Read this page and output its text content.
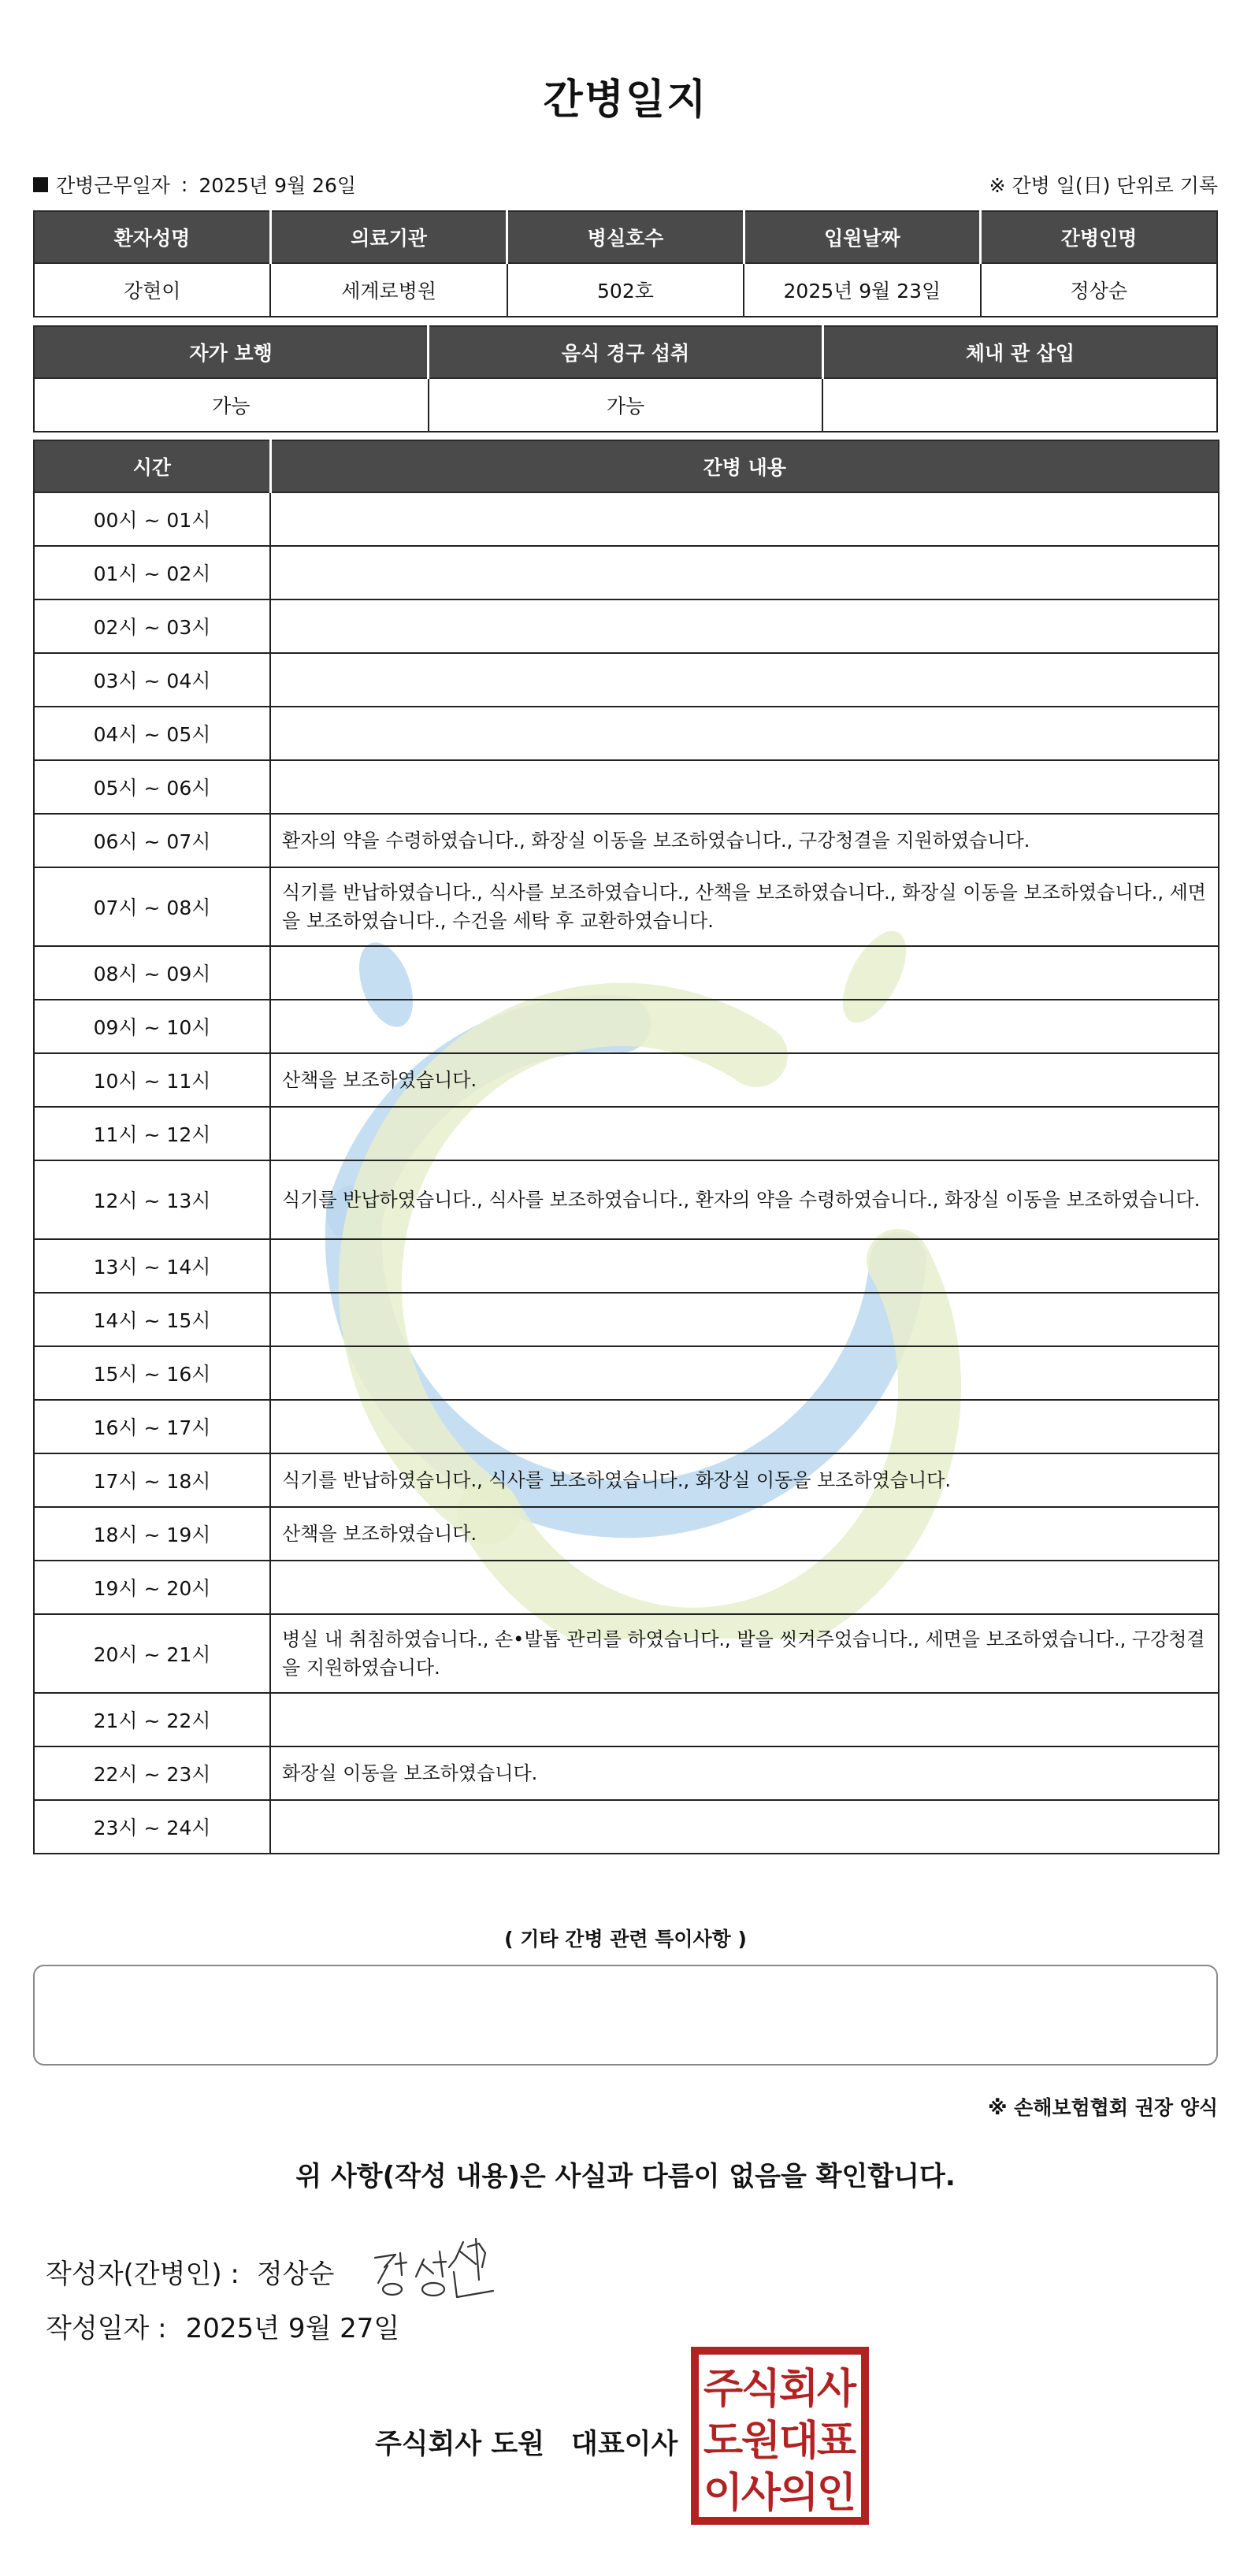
간병일지
간병근무일자 : 2025년 9월 26일	※ 간병 일(日) 단위로 기록
환자성명	의료기관	병실호수	입원날짜	간병인명
강현이	세계로병원	502호	2025년 9월 23일	정상순
자가 보행	음식 경구 섭취	체내 관 삽입
가능	가능	
시간	간병 내용
00시 ~ 01시	
01시 ~ 02시	
02시 ~ 03시	
03시 ~ 04시	
04시 ~ 05시	
05시 ~ 06시	
06시 ~ 07시	환자의 약을 수령하였습니다., 화장실 이동을 보조하였습니다., 구강청결을 지원하였습니다.
07시 ~ 08시	식기를 반납하였습니다., 식사를 보조하였습니다., 산책을 보조하였습니다., 화장실 이동을 보조하였습니다., 세면을 보조하였습니다., 수건을 세탁 후 교환하였습니다.
08시 ~ 09시	
09시 ~ 10시	
10시 ~ 11시	산책을 보조하였습니다.
11시 ~ 12시	
12시 ~ 13시	식기를 반납하였습니다., 식사를 보조하였습니다., 환자의 약을 수령하였습니다., 화장실 이동을 보조하였습니다.
13시 ~ 14시	
14시 ~ 15시	
15시 ~ 16시	
16시 ~ 17시	
17시 ~ 18시	식기를 반납하였습니다., 식사를 보조하였습니다., 화장실 이동을 보조하였습니다.
18시 ~ 19시	산책을 보조하였습니다.
19시 ~ 20시	
20시 ~ 21시	병실 내 취침하였습니다., 손•발톱 관리를 하였습니다., 발을 씻겨주었습니다., 세면을 보조하였습니다., 구강청결을 지원하였습니다.
21시 ~ 22시	
22시 ~ 23시	화장실 이동을 보조하였습니다.
23시 ~ 24시	
( 기타 간병 관련 특이사항 )
※ 손해보험협회 권장 양식
위 사항(작성 내용)은 사실과 다름이 없음을 확인합니다.
작성자(간병인) : 정상순
작성일자 : 2025년 9월 27일
주식회사 도원 대표이사
주
식
회
사
도
원
대
표
이
사
의
인
